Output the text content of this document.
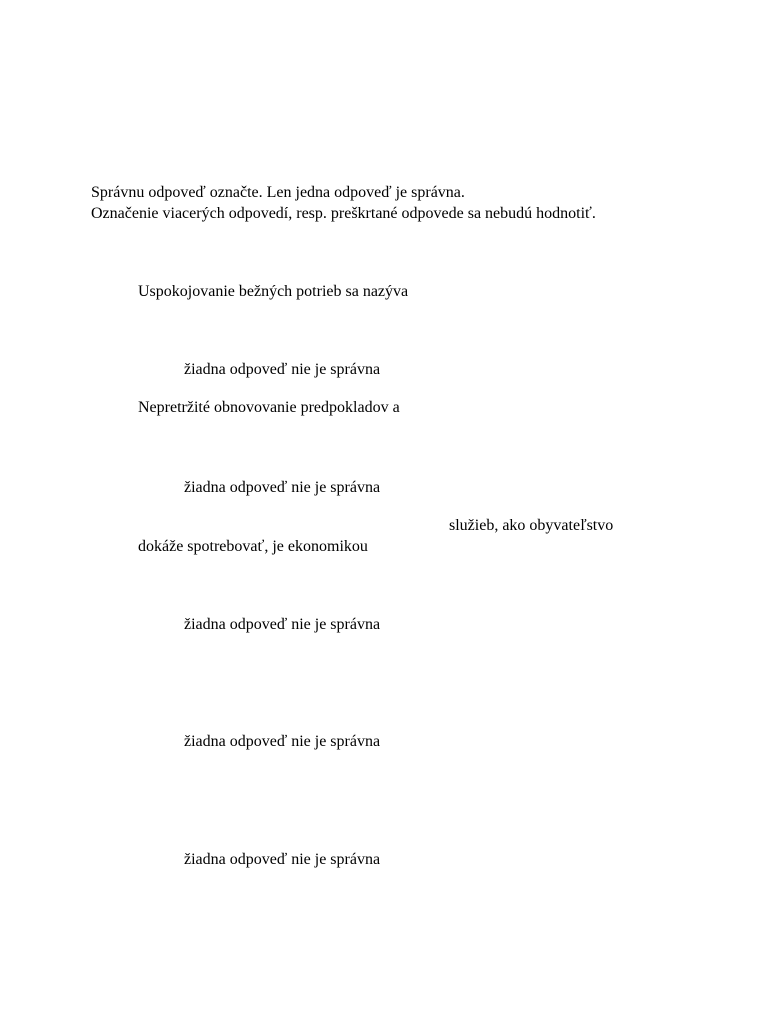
Správnu odpoveď označte. Len jedna odpoveď je správna.
Označenie viacerých odpovedí, resp. preškrtané odpovede sa nebudú hodnotiť.
Uspokojovanie bežných potrieb sa nazýva
žiadna odpoveď nie je správna
Nepretržité obnovovanie predpokladov a
žiadna odpoveď nie je správna
služieb, ako obyvateľstvo
dokáže spotrebovať, je ekonomikou
žiadna odpoveď nie je správna
žiadna odpoveď nie je správna
žiadna odpoveď nie je správna
